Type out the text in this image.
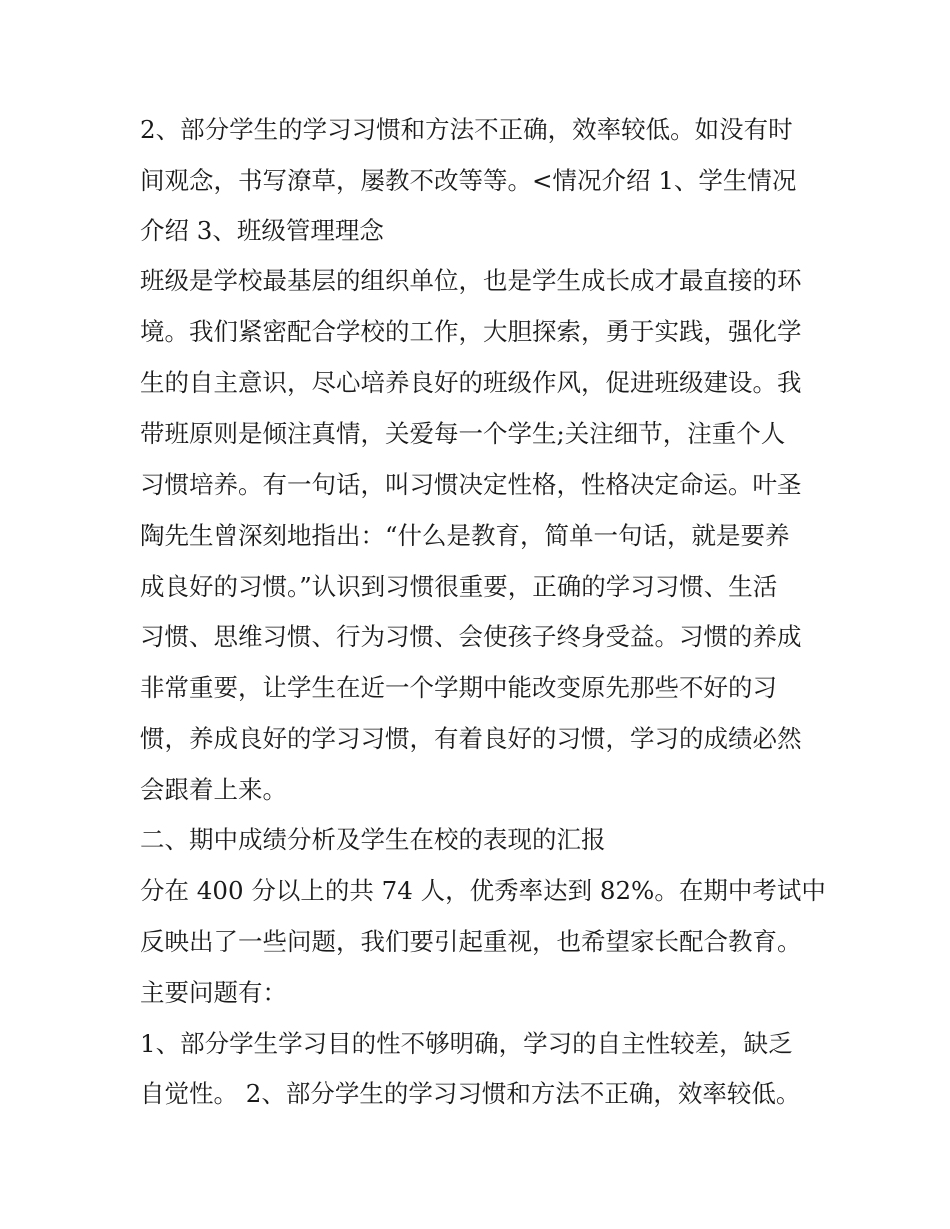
2、部分学生的学习习惯和方法不正确，效率较低。如没有时
间观念，书写潦草，屡教不改等等。<情况介绍 1、学生情况
介绍 3、班级管理理念
班级是学校最基层的组织单位，也是学生成长成才最直接的环
境。我们紧密配合学校的工作，大胆探索，勇于实践，强化学
生的自主意识，尽心培养良好的班级作风，促进班级建设。我
带班原则是倾注真情，关爱每一个学生;关注细节，注重个人
习惯培养。有一句话，叫习惯决定性格，性格决定命运。叶圣
陶先生曾深刻地指出：“什么是教育，简单一句话，就是要养
成良好的习惯。”认识到习惯很重要，正确的学习习惯、生活
习惯、思维习惯、行为习惯、会使孩子终身受益。习惯的养成
非常重要，让学生在近一个学期中能改变原先那些不好的习
惯，养成良好的学习习惯，有着良好的习惯，学习的成绩必然
会跟着上来。
二、期中成绩分析及学生在校的表现的汇报
分在 400 分以上的共 74 人，优秀率达到 82%。在期中考试中
反映出了一些问题，我们要引起重视，也希望家长配合教育。
主要问题有：
1、部分学生学习目的性不够明确，学习的自主性较差，缺乏
自觉性。 2、部分学生的学习习惯和方法不正确，效率较低。
